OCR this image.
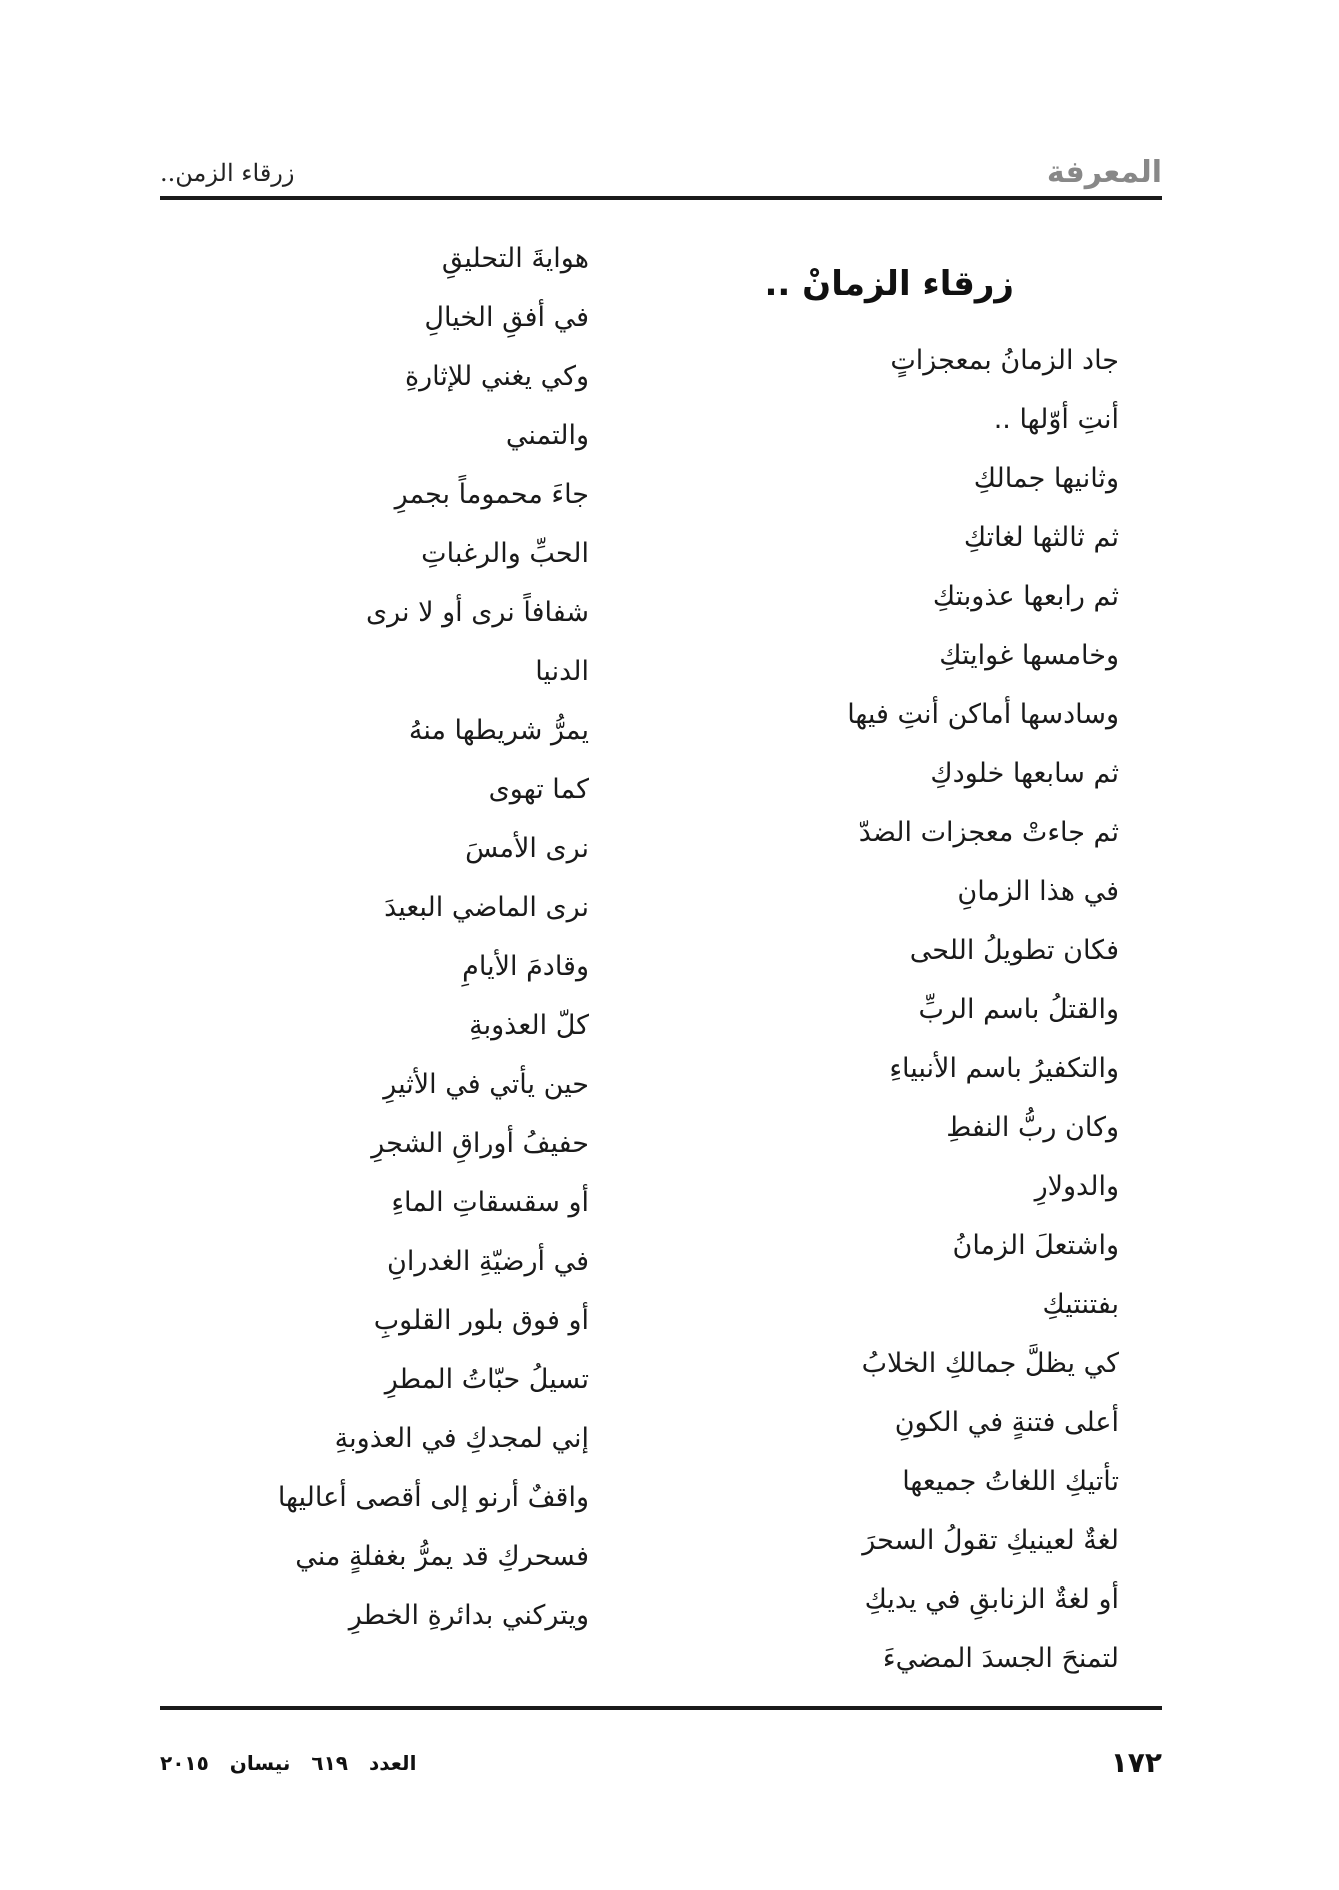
المعرفة
زرقاء الزمن..
زرقاء الزمانْ ..
جاد الزمانُ بمعجزاتٍ
أنتِ أوّلها ..
وثانيها جمالكِ
ثم ثالثها لغاتكِ
ثم رابعها عذوبتكِ
وخامسها غوايتكِ
وسادسها أماكن أنتِ فيها
ثم سابعها خلودكِ
ثم جاءتْ معجزات الضدّ
في هذا الزمانِ
فكان تطويلُ اللحى
والقتلُ باسم الربِّ
والتكفيرُ باسم الأنبياءِ
وكان ربُّ النفطِ
والدولارِ
واشتعلَ الزمانُ
بفتنتيكِ
كي يظلَّ جمالكِ الخلابُ
أعلى فتنةٍ في الكونِ
تأتيكِ اللغاتُ جميعها
لغةٌ لعينيكِ تقولُ السحرَ
أو لغةٌ الزنابقِ في يديكِ
لتمنحَ الجسدَ المضيءَ
هوايةَ التحليقِ
في أفقِ الخيالِ
وكي يغني للإثارةِ
والتمني
جاءَ محموماً بجمرِ
الحبِّ والرغباتِ
شفافاً نرى أو لا نرى
الدنيا
يمرُّ شريطها منهُ
كما تهوى
نرى الأمسَ
نرى الماضي البعيدَ
وقادمَ الأيامِ
كلّ العذوبةِ
حين يأتي في الأثيرِ
حفيفُ أوراقِ الشجرِ
أو سقسقاتِ الماءِ
في أرضيّةِ الغدرانِ
أو فوق بلور القلوبِ
تسيلُ حبّاتُ المطرِ
إني لمجدكِ في العذوبةِ
واقفٌ أرنو إلى أقصى أعاليها
فسحركِ قد يمرُّ بغفلةٍ مني
ويتركني بدائرةِ الخطرِ
١٧٢
العدد ٦١٩ نيسان ٢٠١٥
